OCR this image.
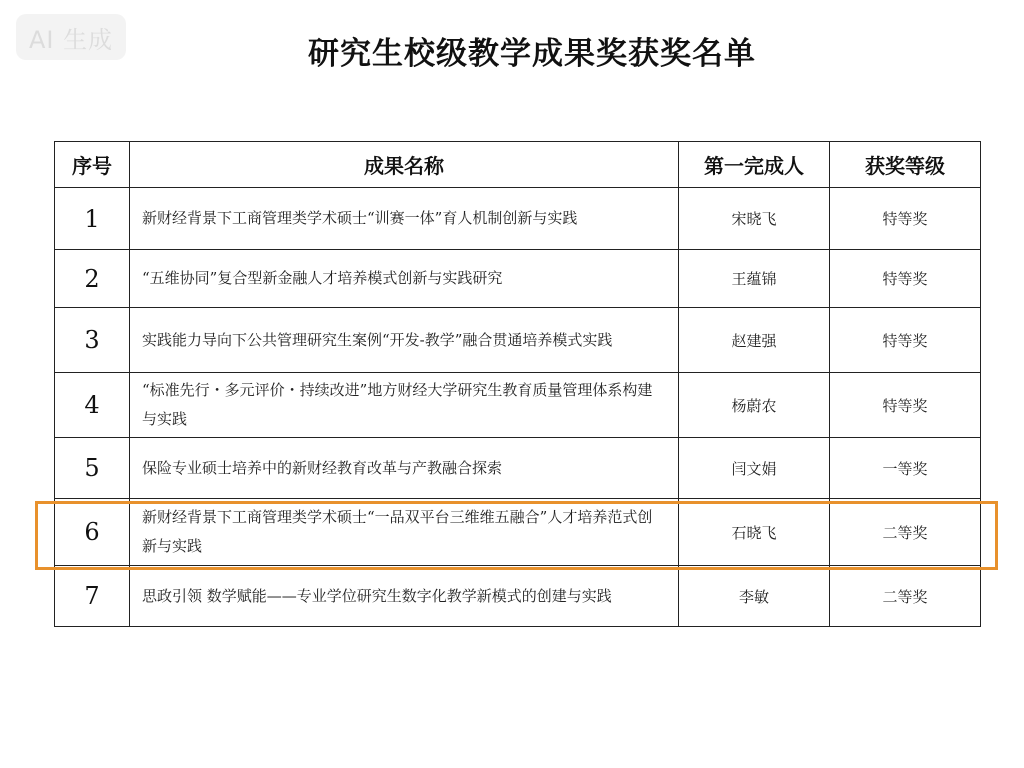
AI 生成	研究生校级教学成果奖获奖名单
序号	成果名称	第一完成人	获奖等级
1	新财经背景下工商管理类学术硕士“训赛一体”育人机制创新与实践	宋晓飞	特等奖
2	“五维协同”复合型新金融人才培养模式创新与实践研究	王蕴锦	特等奖
3	实践能力导向下公共管理研究生案例“开发-教学”融合贯通培养模式实践	赵建强	特等奖
4	“标准先行・多元评价・持续改进”地方财经大学研究生教育质量管理体系构建与实践	杨蔚农	特等奖
5	保险专业硕士培养中的新财经教育改革与产教融合探索	闫文娟	一等奖
6	新财经背景下工商管理类学术硕士“一品双平台三维维五融合”人才培养范式创新与实践	石晓飞	二等奖
7	思政引领 数学赋能——专业学位研究生数字化教学新模式的创建与实践	李敏	二等奖
